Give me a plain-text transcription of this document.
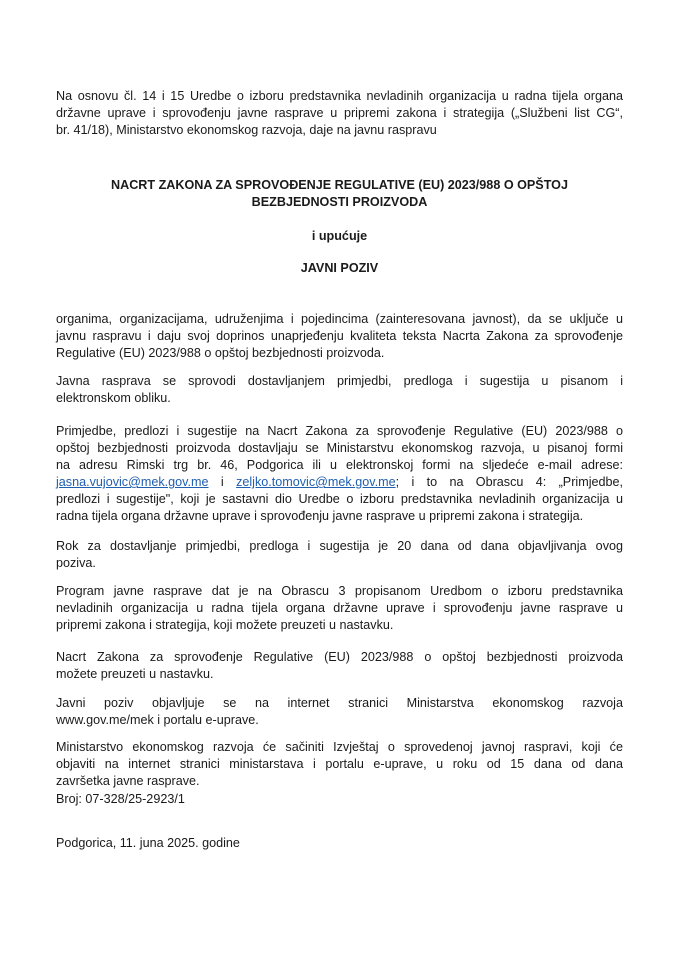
Na osnovu čl. 14 i 15 Uredbe o izboru predstavnika nevladinih organizacija u radna tijela organa
državne uprave i sprovođenju javne rasprave u pripremi zakona i strategija („Službeni list CG“,
br. 41/18), Ministarstvo ekonomskog razvoja, daje na javnu raspravu
NACRT ZAKONA ZA SPROVOĐENJE REGULATIVE (EU) 2023/988 O OPŠTOJ
BEZBJEDNOSTI PROIZVODA
i upućuje
JAVNI POZIV
organima, organizacijama, udruženjima i pojedincima (zainteresovana javnost), da se uključe u
javnu raspravu i daju svoj doprinos unaprjeđenju kvaliteta teksta Nacrta Zakona za sprovođenje
Regulative (EU) 2023/988 o opštoj bezbjednosti proizvoda.
Javna rasprava se sprovodi dostavljanjem primjedbi, predloga i sugestija u pisanom i
elektronskom obliku.
Primjedbe, predlozi i sugestije na Nacrt Zakona za sprovođenje Regulative (EU) 2023/988 o
opštoj bezbjednosti proizvoda dostavljaju se Ministarstvu ekonomskog razvoja, u pisanoj formi
na adresu Rimski trg br. 46, Podgorica ili u elektronskoj formi na sljedeće e-mail adrese:
jasna.vujovic@mek.gov.me i zeljko.tomovic@mek.gov.me; i to na Obrascu 4: „Primjedbe,
predlozi i sugestije", koji je sastavni dio Uredbe o izboru predstavnika nevladinih organizacija u
radna tijela organa državne uprave i sprovođenju javne rasprave u pripremi zakona i strategija.
Rok za dostavljanje primjedbi, predloga i sugestija je 20 dana od dana objavljivanja ovog
poziva.
Program javne rasprave dat je na Obrascu 3 propisanom Uredbom o izboru predstavnika
nevladinih organizacija u radna tijela organa državne uprave i sprovođenju javne rasprave u
pripremi zakona i strategija, koji možete preuzeti u nastavku.
Nacrt Zakona za sprovođenje Regulative (EU) 2023/988 o opštoj bezbjednosti proizvoda
možete preuzeti u nastavku.
Javni poziv objavljuje se na internet stranici Ministarstva ekonomskog razvoja
www.gov.me/mek i portalu e-uprave.
Ministarstvo ekonomskog razvoja će sačiniti Izvještaj o sprovedenoj javnoj raspravi, koji će
objaviti na internet stranici ministarstava i portalu e-uprave, u roku od 15 dana od dana
završetka javne rasprave.
Broj: 07-328/25-2923/1
Podgorica, 11. juna 2025. godine
